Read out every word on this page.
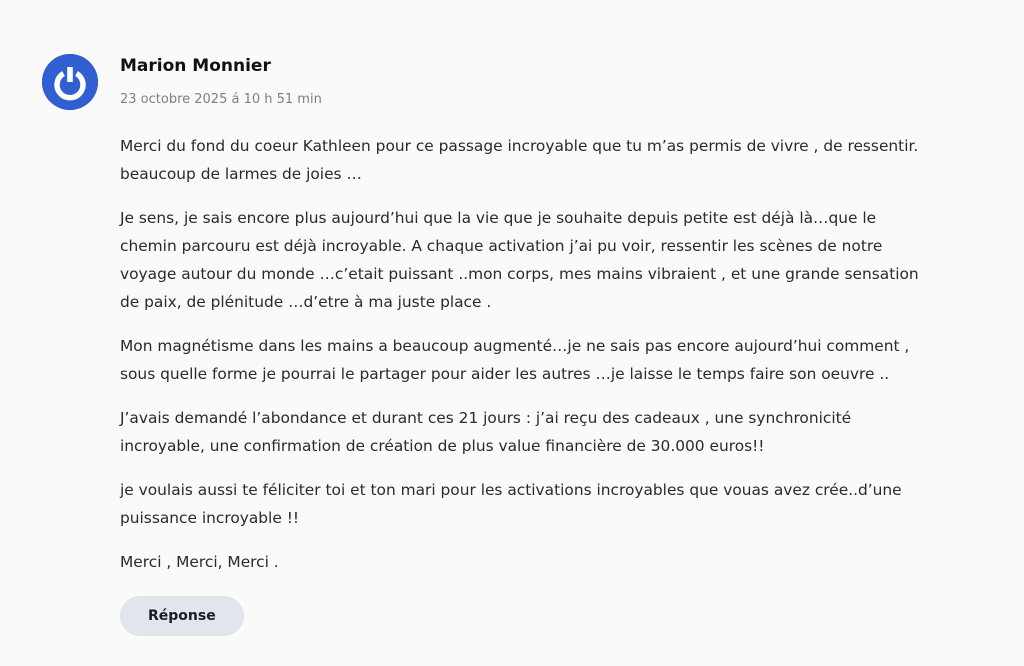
Marion Monnier
23 octobre 2025 á 10 h 51 min

Merci du fond du coeur Kathleen pour ce passage incroyable que tu m’as permis de vivre , de ressentir. beaucoup de larmes de joies …

Je sens, je sais encore plus aujourd’hui que la vie que je souhaite depuis petite est déjà là…que le chemin parcouru est déjà incroyable. A chaque activation j’ai pu voir, ressentir les scènes de notre voyage autour du monde …c’etait puissant ..mon corps, mes mains vibraient , et une grande sensation de paix, de plénitude …d’etre à ma juste place .

Mon magnétisme dans les mains a beaucoup augmenté…je ne sais pas encore aujourd’hui comment , sous quelle forme je pourrai le partager pour aider les autres …je laisse le temps faire son oeuvre ..

J’avais demandé l’abondance et durant ces 21 jours : j’ai reçu des cadeaux , une synchronicité incroyable, une confirmation de création de plus value financière de 30.000 euros!!

je voulais aussi te féliciter toi et ton mari pour les activations incroyables que vouas avez crée..d’une puissance incroyable !!

Merci , Merci, Merci .

Réponse
